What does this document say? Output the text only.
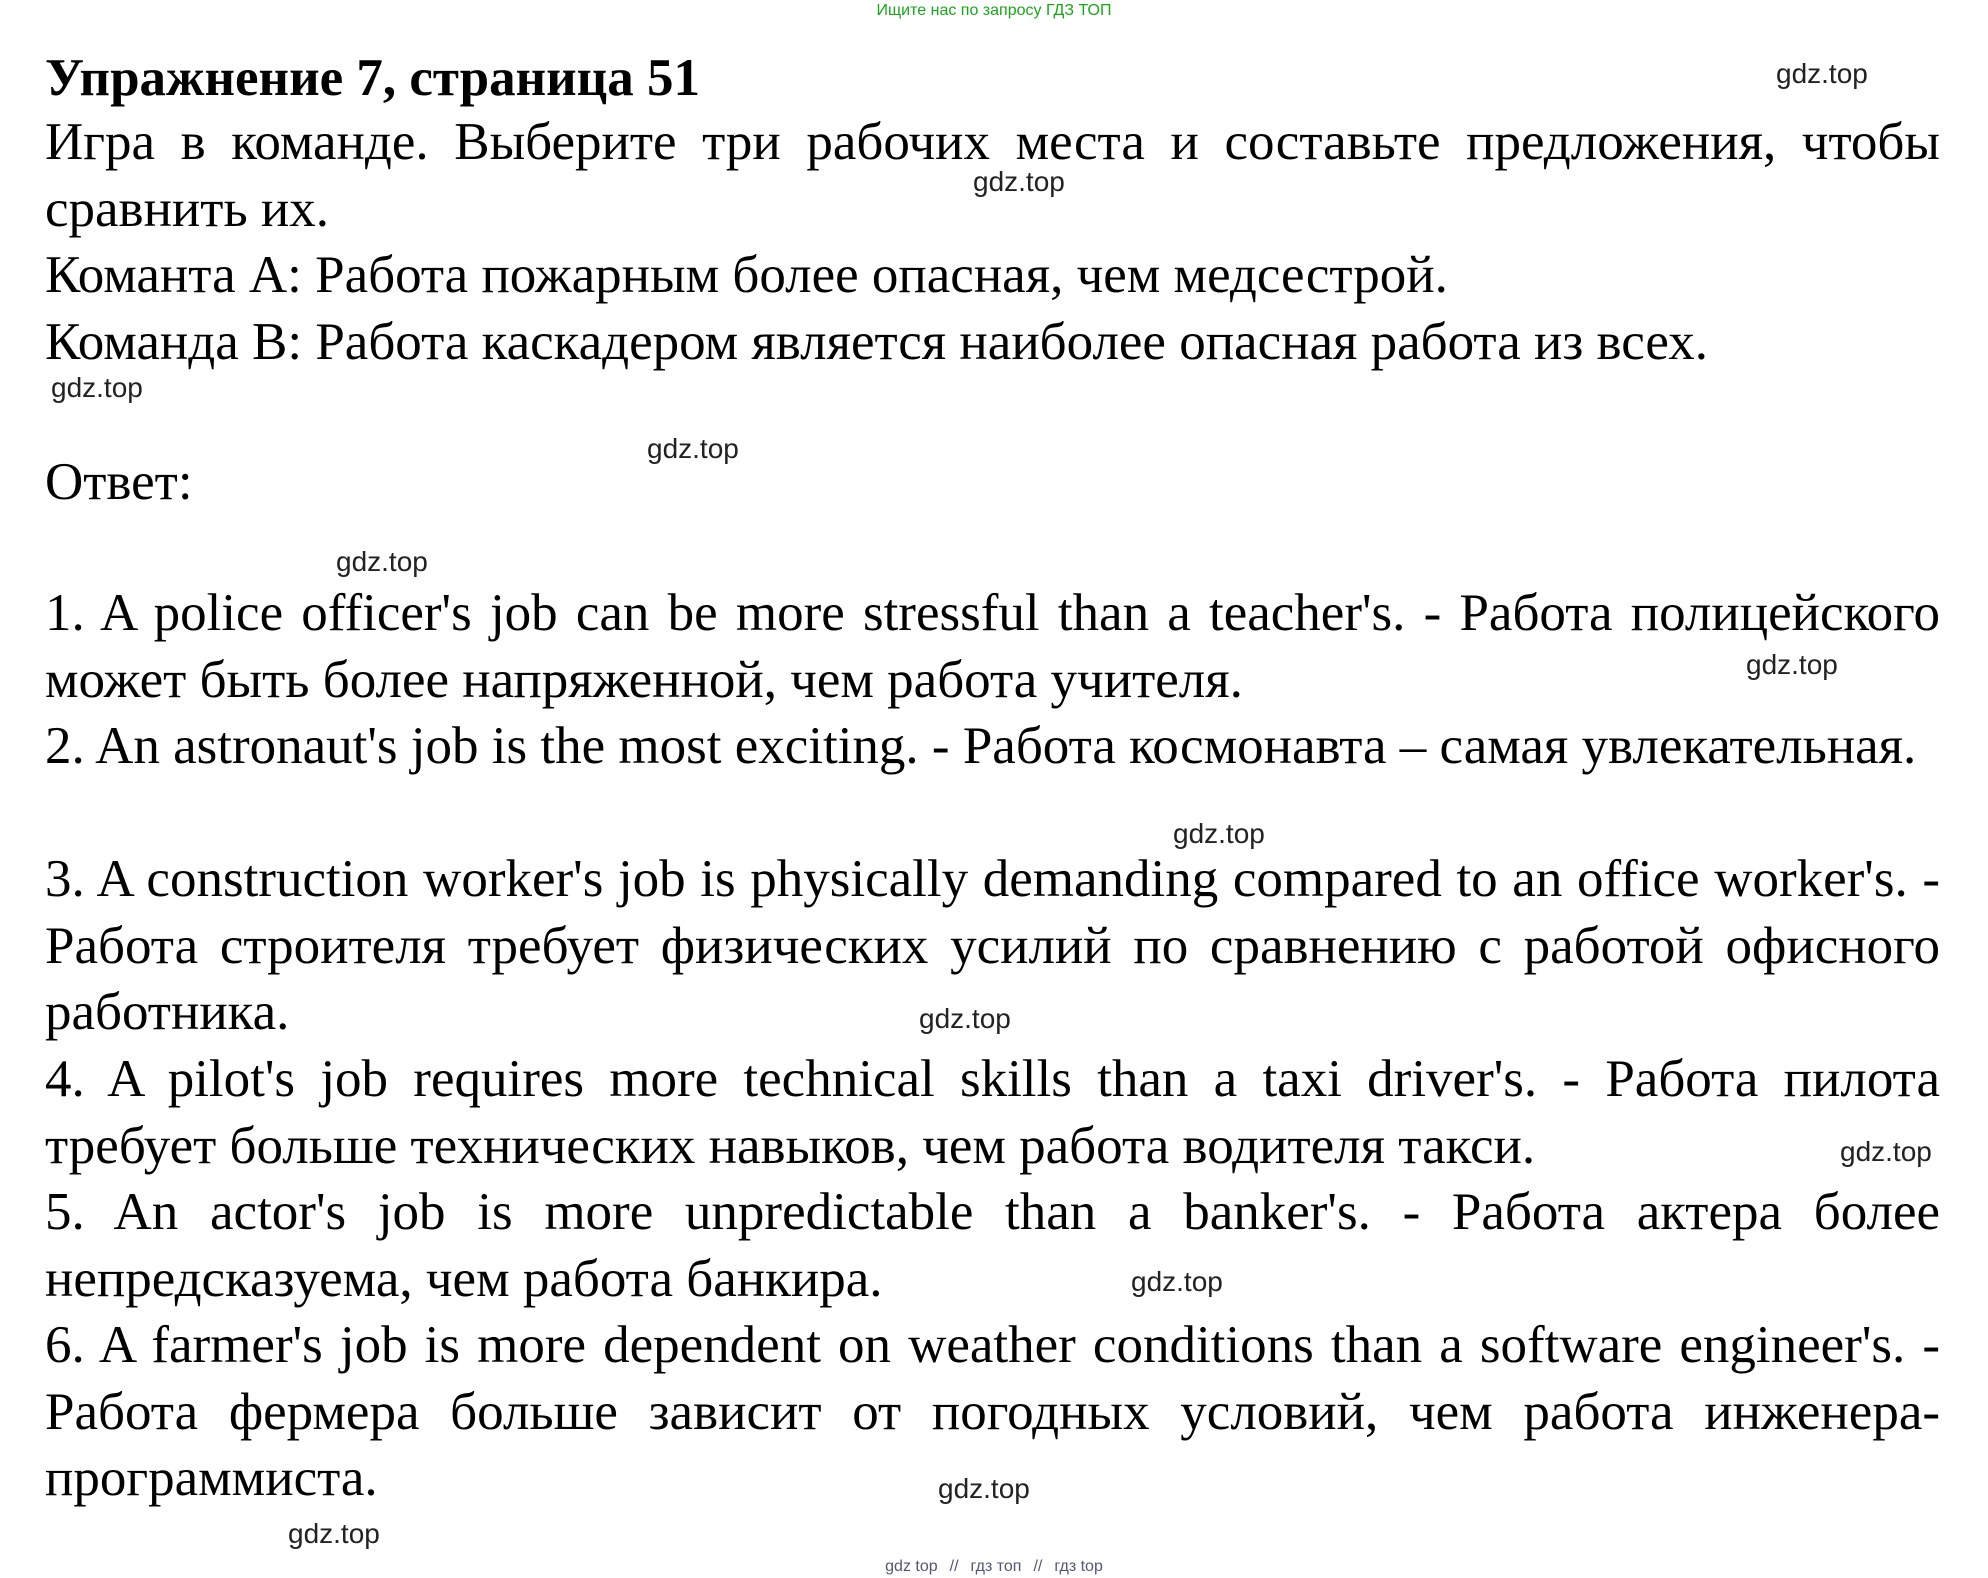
Ищите нас по запросу ГДЗ ТОП
Упражнение 7, страница 51
Игра в команде. Выберите три рабочих места и составьте предложения, чтобы сравнить их.
Команта А: Работа пожарным более опасная, чем медсестрой.
Команда В: Работа каскадером является наиболее опасная работа из всех.
Ответ:
1. A police officer's job can be more stressful than a teacher's. - Работа полицейского может быть более напряженной, чем работа учителя.
2. An astronaut's job is the most exciting. - Работа космонавта – самая увлекательная.
3. A construction worker's job is physically demanding compared to an office worker's. - Работа строителя требует физических усилий по сравнению с работой офисного работника.
4. A pilot's job requires more technical skills than a taxi driver's. - Работа пилота требует больше технических навыков, чем работа водителя такси.
5. An actor's job is more unpredictable than a banker's. - Работа актера более непредсказуема, чем работа банкира.
6. A farmer's job is more dependent on weather conditions than a software engineer's. - Работа фермера больше зависит от погодных условий, чем работа инженера-программиста.
gdz.top
gdz.top
gdz.top
gdz.top
gdz.top
gdz.top
gdz.top
gdz.top
gdz.top
gdz.top
gdz.top
gdz.top
gdz top // гдз топ // гдз top
